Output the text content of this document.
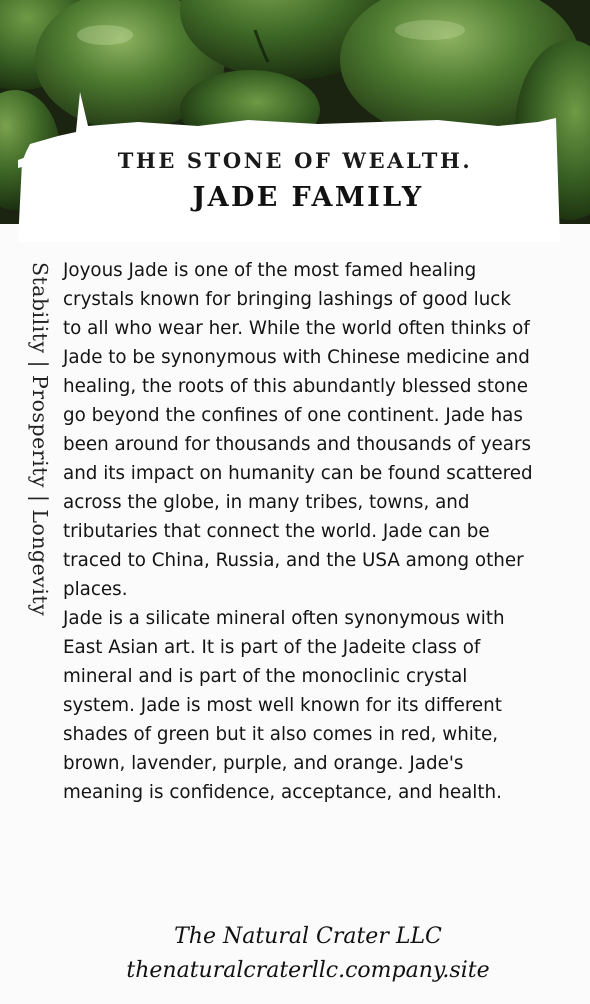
THE STONE OF WEALTH.
JADE FAMILY
Stability | Prosperity | Longevity Joyous Jade is one of the most famed healing crystals known for bringing lashings of good luck to all who wear her. While the world often thinks of Jade to be synonymous with Chinese medicine and healing, the roots of this abundantly blessed stone go beyond the confines of one continent. Jade has been around for thousands and thousands of years and its impact on humanity can be found scattered across the globe, in many tribes, towns, and tributaries that connect the world. Jade can be traced to China, Russia, and the USA among other places.

Jade is a silicate mineral often synonymous with East Asian art. It is part of the Jadeite class of mineral and is part of the monoclinic crystal system. Jade is most well known for its different shades of green but it also comes in red, white, brown, lavender, purple, and orange. Jade's meaning is confidence, acceptance, and health.

The Natural Crater LLC
thenaturalcraterllc.company.site
